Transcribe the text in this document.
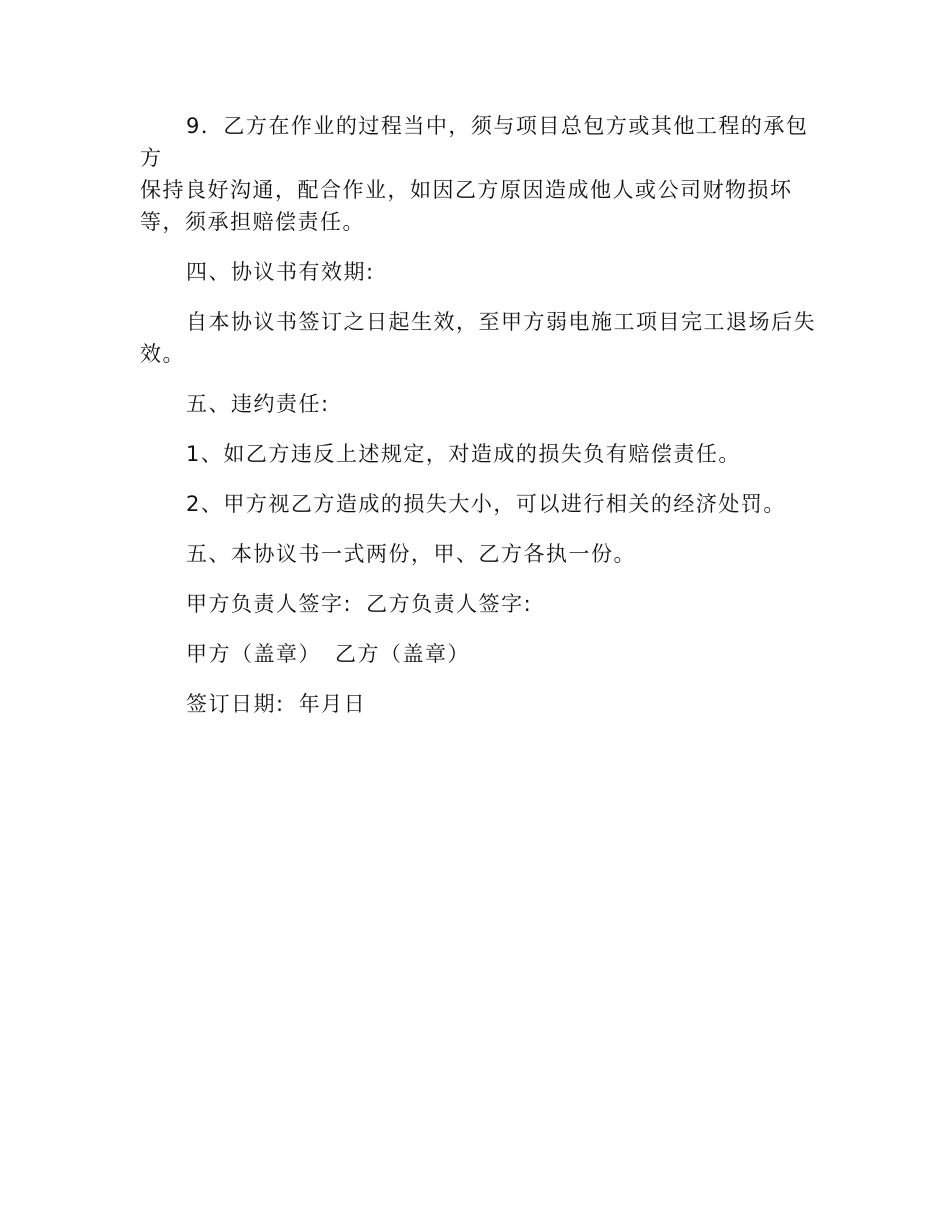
9．乙方在作业的过程当中，须与项目总包方或其他工程的承包方
保持良好沟通，配合作业，如因乙方原因造成他人或公司财物损坏
等，须承担赔偿责任。

四、协议书有效期:

自本协议书签订之日起生效，至甲方弱电施工项目完工退场后失
效。

五、违约责任:

1、如乙方违反上述规定，对造成的损失负有赔偿责任。

2、甲方视乙方造成的损失大小，可以进行相关的经济处罚。

五、本协议书一式两份，甲、乙方各执一份。

甲方负责人签字: 乙方负责人签字:

甲方（盖章） 乙方（盖章）

签订日期: 年月日
